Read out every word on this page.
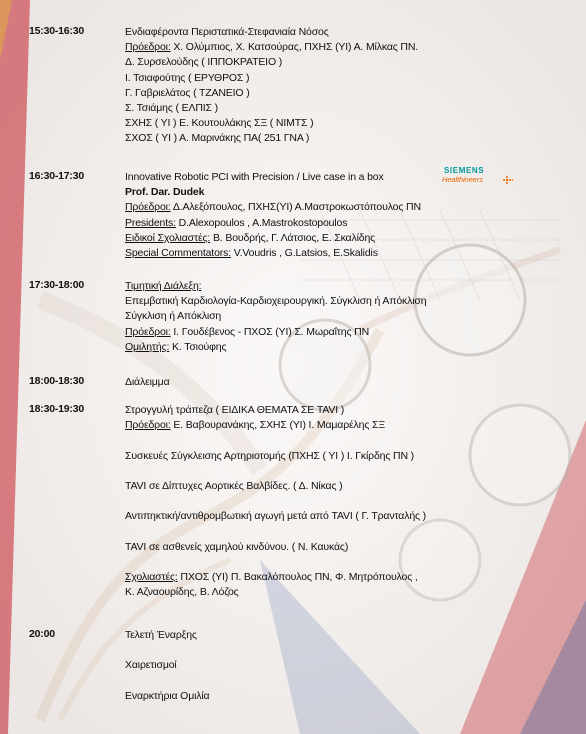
15:30-16:30	Ενδιαφέροντα Περιστατικά-Στεφανιαία Νόσος
Πρόεδροι: Χ. Ολύμπιος, Χ. Κατσούρας, ΠΧΗΣ (ΥΙ) Α. Μίλκας ΠΝ.
Δ. Συρσελούδης ( ΙΠΠΟΚΡΑΤΕΙΟ )
Ι. Τσιαφούτης ( ΕΡΥΘΡΟΣ )
Γ. Γαβριελάτος ( ΤΖΑΝΕΙΟ )
Σ. Τσιάμης ( ΕΛΠΙΣ )
ΣΧΗΣ ( ΥΙ ) Ε. Κουτουλάκης ΣΞ ( ΝΙΜΤΣ )
ΣΧΟΣ ( ΥΙ ) Α. Μαρινάκης ΠΑ( 251 ΓΝΑ )
16:30-17:30	Innovative Robotic PCI with Precision / Live case in a box
Prof. Dar. Dudek
Πρόεδροι: Δ.Αλεξόπουλος, ΠΧΗΣ(ΥΙ) Α.Μαστροκωστόπουλος ΠΝ
Presidents: D.Alexopoulos , A.Mastrokostopoulos
Ειδικοί Σχολιαστές: Β. Βουδρής, Γ. Λάτσιος, Ε. Σκαλίδης
Special Commentators: V.Voudris , G.Latsios, E.Skalidis
SIEMENS
Healthineers
17:30-18:00	Τιμητική Διάλεξη:
Επεμβατική Καρδιολογία-Καρδιοχειρουργική. Σύγκλιση ή Απόκλιση
Σύγκλιση ή Απόκλιση
Πρόεδροι: Ι. Γουδέβενος - ΠΧΟΣ (ΥΙ) Σ. Μωραΐτης ΠΝ
Ομιλητής: Κ. Τσιούφης
18:00-18:30	Διάλειμμα
18:30-19:30	Στρογγυλή τράπεζα ( ΕΙΔΙΚΑ ΘΕΜΑΤΑ ΣΕ TAVI )
Πρόεδροι: Ε. Βαβουρανάκης, ΣΧΗΣ (ΥΙ) Ι. Μαμαρέλης ΣΞ

Συσκευές Σύγκλεισης Αρτηριοτομής (ΠΧΗΣ ( ΥΙ ) Ι. Γκίρδης ΠΝ )

TAVI σε Δίπτυχες Αορτικές Βαλβίδες. ( Δ. Νίκας )

Αντιπηκτική/αντιθρομβωτική αγωγή μετά από TAVI ( Γ. Τρανταλής )

TAVI σε ασθενείς χαμηλού κινδύνου. ( Ν. Καυκάς)

Σχολιαστές: ΠΧΟΣ (ΥΙ) Π. Βακαλόπουλος ΠΝ, Φ. Μητρόπουλος ,
Κ. Αζναουρίδης, Β. Λόζος
20:00	Τελετή Έναρξης

Χαιρετισμοί

Εναρκτήρια Ομιλία
